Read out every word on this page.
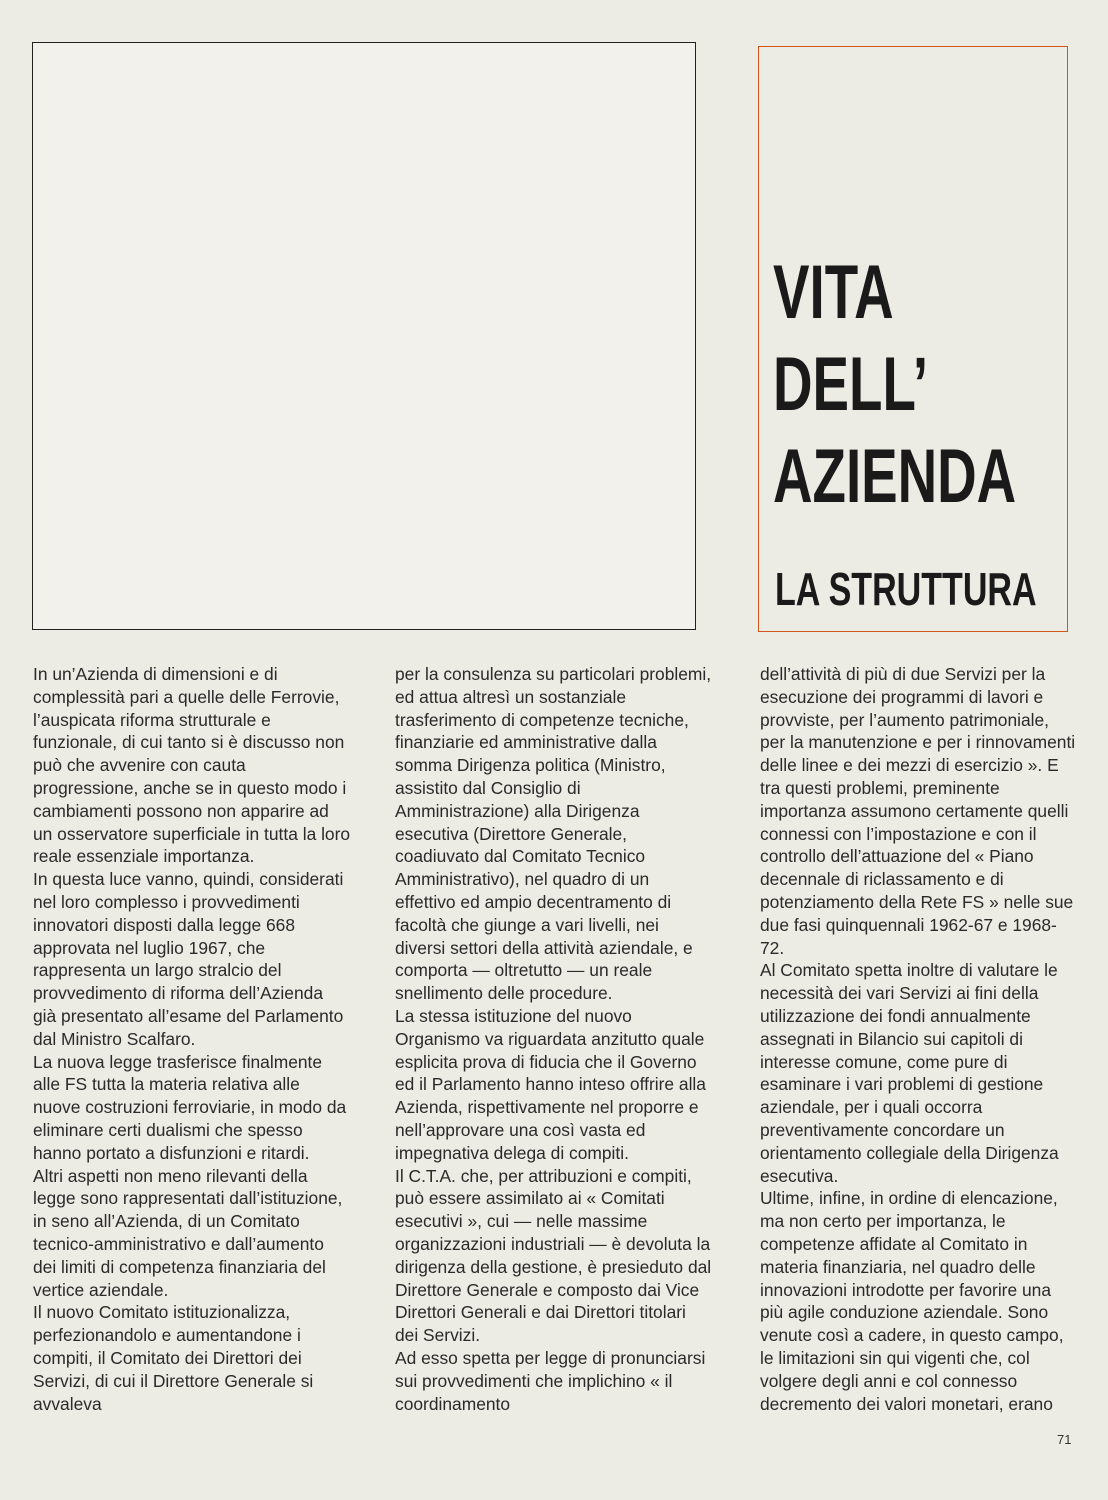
VITA
DELL’
AZIENDA
LA STRUTTURA

In un’Azienda di dimensioni e di complessità pari a quelle delle Ferrovie, l’auspicata riforma strutturale e funzionale, di cui tanto si è discusso non può che avvenire con cauta progressione, anche se in questo modo i cambiamenti possono non apparire ad un osservatore superficiale in tutta la loro reale essenziale importanza.

In questa luce vanno, quindi, considerati nel loro complesso i provvedimenti innovatori disposti dalla legge 668 approvata nel luglio 1967, che rappresenta un largo stralcio del provvedimento di riforma dell’Azienda già presentato all’esame del Parlamento dal Ministro Scalfaro.

La nuova legge trasferisce finalmente alle FS tutta la materia relativa alle nuove costruzioni ferroviarie, in modo da eliminare certi dualismi che spesso hanno portato a disfunzioni e ritardi.

Altri aspetti non meno rilevanti della legge sono rappresentati dall’istituzione, in seno all’Azienda, di un Comitato tecnico-amministrativo e dall’aumento dei limiti di competenza finanziaria del vertice aziendale.

Il nuovo Comitato istituzionalizza, perfezionandolo e aumentandone i compiti, il Comitato dei Direttori dei Servizi, di cui il Direttore Generale si avvaleva

per la consulenza su particolari problemi, ed attua altresì un sostanziale trasferimento di competenze tecniche, finanziarie ed amministrative dalla somma Dirigenza politica (Ministro, assistito dal Consiglio di Amministrazione) alla Dirigenza esecutiva (Direttore Generale, coadiuvato dal Comitato Tecnico Amministrativo), nel quadro di un effettivo ed ampio decentramento di facoltà che giunge a vari livelli, nei diversi settori della attività aziendale, e comporta — oltretutto — un reale snellimento delle procedure.

La stessa istituzione del nuovo Organismo va riguardata anzitutto quale esplicita prova di fiducia che il Governo ed il Parlamento hanno inteso offrire alla Azienda, rispettivamente nel proporre e nell’approvare una così vasta ed impegnativa delega di compiti.

Il C.T.A. che, per attribuzioni e compiti, può essere assimilato ai « Comitati esecutivi », cui — nelle massime organizzazioni industriali — è devoluta la dirigenza della gestione, è presieduto dal Direttore Generale e composto dai Vice Direttori Generali e dai Direttori titolari dei Servizi.

Ad esso spetta per legge di pronunciarsi sui provvedimenti che implichino « il coordinamento

dell’attività di più di due Servizi per la esecuzione dei programmi di lavori e provviste, per l’aumento patrimoniale, per la manutenzione e per i rinnovamenti delle linee e dei mezzi di esercizio ». E tra questi problemi, preminente importanza assumono certamente quelli connessi con l’impostazione e con il controllo dell’attuazione del « Piano decennale di riclassamento e di potenziamento della Rete FS » nelle sue due fasi quinquennali 1962-67 e 1968-72.

Al Comitato spetta inoltre di valutare le necessità dei vari Servizi ai fini della utilizzazione dei fondi annualmente assegnati in Bilancio sui capitoli di interesse comune, come pure di esaminare i vari problemi di gestione aziendale, per i quali occorra preventivamente concordare un orientamento collegiale della Dirigenza esecutiva.

Ultime, infine, in ordine di elencazione, ma non certo per importanza, le competenze affidate al Comitato in materia finanziaria, nel quadro delle innovazioni introdotte per favorire una più agile conduzione aziendale. Sono venute così a cadere, in questo campo, le limitazioni sin qui vigenti che, col volgere degli anni e col connesso decremento dei valori monetari, erano

71
